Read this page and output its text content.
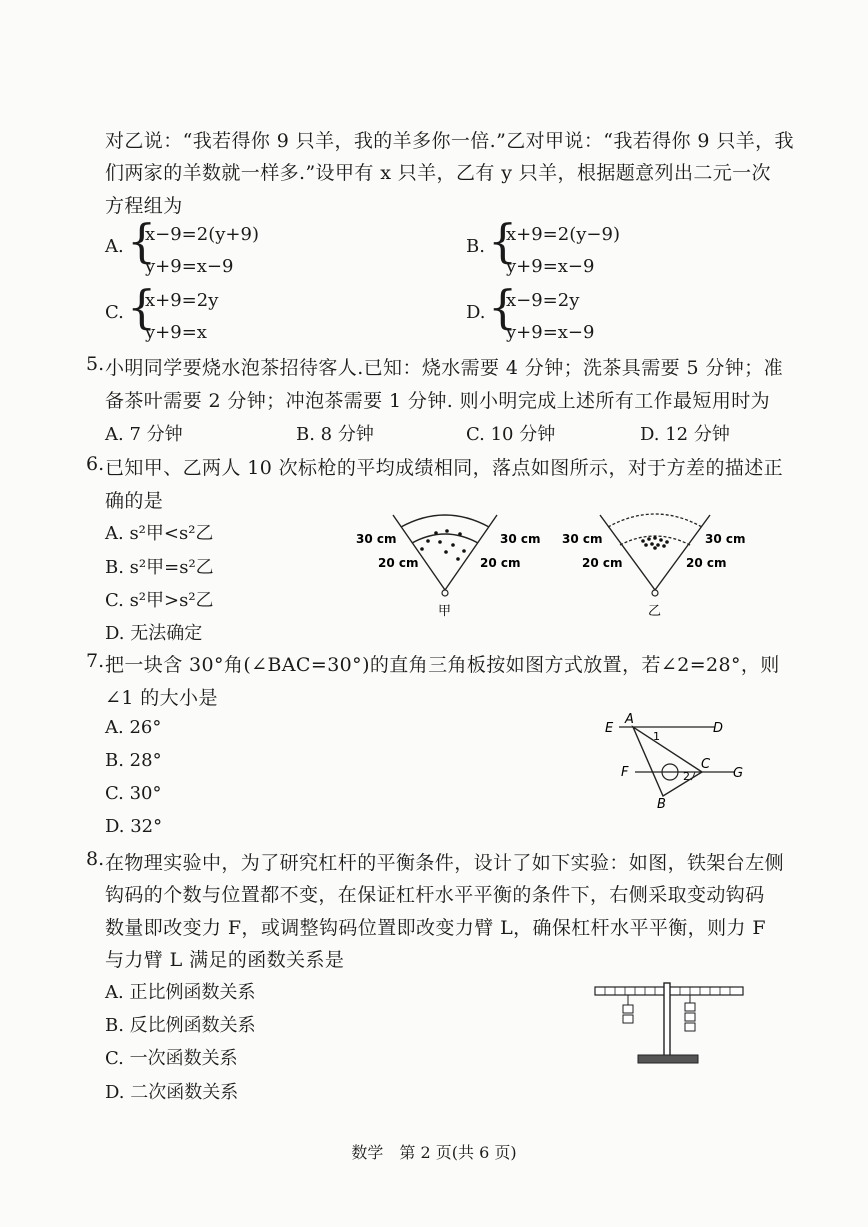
对乙说：“我若得你 9 只羊，我的羊多你一倍.”乙对甲说：“我若得你 9 只羊，我
们两家的羊数就一样多.”设甲有 x 只羊，乙有 y 只羊，根据题意列出二元一次
方程组为
A. {
x−9=2(y+9)
y+9=x−9
B. {
x+9=2(y−9)
y+9=x−9
C. {
x+9=2y
y+9=x
D. {
x−9=2y
y+9=x−9
5. 小明同学要烧水泡茶招待客人.已知：烧水需要 4 分钟；洗茶具需要 5 分钟；准
备茶叶需要 2 分钟；冲泡茶需要 1 分钟. 则小明完成上述所有工作最短用时为
A. 7 分钟	B. 8 分钟	C. 10 分钟	D. 12 分钟
6. 已知甲、乙两人 10 次标枪的平均成绩相同，落点如图所示，对于方差的描述正
确的是
A. s²甲<s²乙
B. s²甲=s²乙
C. s²甲>s²乙
D. 无法确定
30 cm	30 cm
20 cm	20 cm
甲
30 cm	30 cm
20 cm	20 cm
乙
7. 把一块含 30°角(∠BAC=30°)的直角三角板按如图方式放置，若∠2=28°，则
∠1 的大小是
A. 26°
B. 28°
C. 30°
D. 32°
E
A
D
F
C
G
B
1
2
8. 在物理实验中，为了研究杠杆的平衡条件，设计了如下实验：如图，铁架台左侧
钩码的个数与位置都不变，在保证杠杆水平平衡的条件下，右侧采取变动钩码
数量即改变力 F，或调整钩码位置即改变力臂 L，确保杠杆水平平衡，则力 F
与力臂 L 满足的函数关系是
A. 正比例函数关系
B. 反比例函数关系
C. 一次函数关系
D. 二次函数关系
数学　第 2 页(共 6 页)
